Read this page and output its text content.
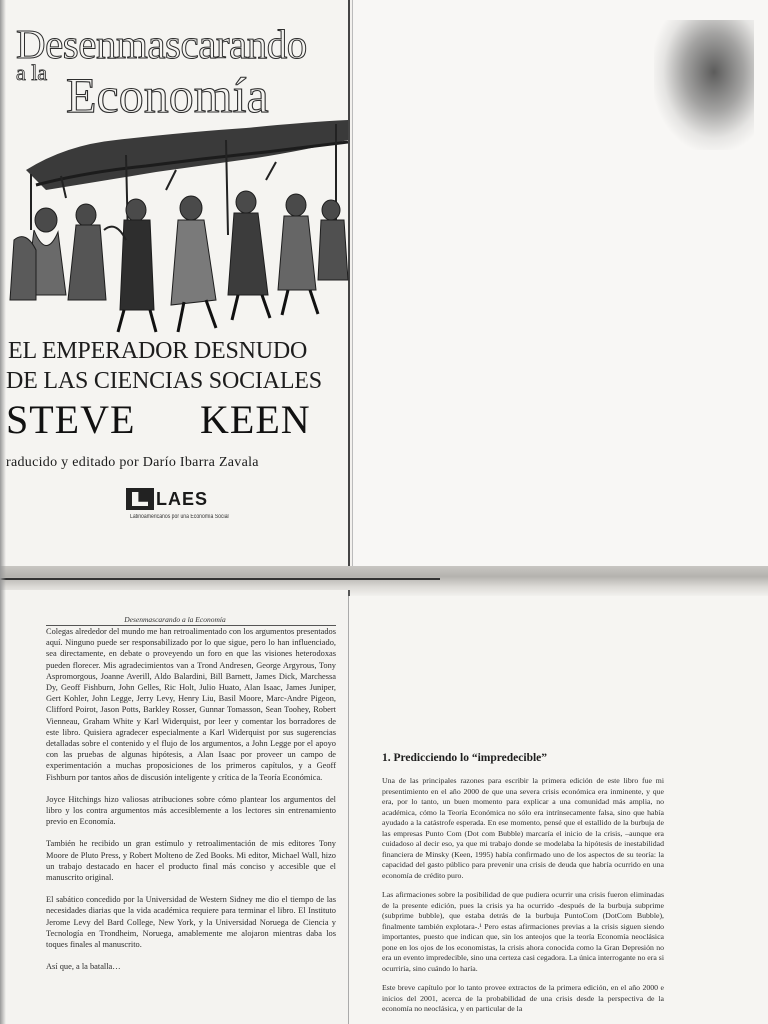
Desenmascarando
a la Economía
EL EMPERADOR DESNUDO
DE LAS CIENCIAS SOCIALES
STEVE KEEN
raducido y editado por Darío Ibarra Zavala
LAES
Latinoamericanos por una Economía Social
Desenmascarando a la Economía

Colegas alrededor del mundo me han retroalimentado con los argumentos presentados aquí. Ninguno puede ser responsabilizado por lo que sigue, pero lo han influenciado, sea directamente, en debate o proveyendo un foro en que las visiones heterodoxas pueden florecer. Mis agradecimientos van a Trond Andresen, George Argyrous, Tony Aspromorgous, Joanne Averill, Aldo Balardini, Bill Barnett, James Dick, Marchessa Dy, Geoff Fishburn, John Gelles, Ric Holt, Julio Huato, Alan Isaac, James Juniper, Gert Kohler, John Legge, Jerry Levy, Henry Liu, Basil Moore, Marc-Andre Pigeon, Clifford Poirot, Jason Potts, Barkley Rosser, Gunnar Tomasson, Sean Toohey, Robert Vienneau, Graham White y Karl Widerquist, por leer y comentar los borradores de este libro. Quisiera agradecer especialmente a Karl Widerquist por sus sugerencias detalladas sobre el contenido y el flujo de los argumentos, a John Legge por el apoyo con las pruebas de algunas hipótesis, a Alan Isaac por proveer un campo de experimentación a muchas proposiciones de los primeros capítulos, y a Geoff Fishburn por tantos años de discusión inteligente y crítica de la Teoría Económica.

Joyce Hitchings hizo valiosas atribuciones sobre cómo plantear los argumentos del libro y los contra argumentos más accesiblemente a los lectores sin entrenamiento previo en Economía.

También he recibido un gran estímulo y retroalimentación de mis editores Tony Moore de Pluto Press, y Robert Molteno de Zed Books. Mi editor, Michael Wall, hizo un trabajo destacado en hacer el producto final más conciso y accesible que el manuscrito original.

El sabático concedido por la Universidad de Western Sidney me dio el tiempo de las necesidades diarias que la vida académica requiere para terminar el libro. El Instituto Jerome Levy del Bard College, New York, y la Universidad Noruega de Ciencia y Tecnología en Trondheim, Noruega, amablemente me alojaron mientras daba los toques finales al manuscrito.

Así que, a la batalla…

1. Predicciendo lo “impredecible”

Una de las principales razones para escribir la primera edición de este libro fue mi presentimiento en el año 2000 de que una severa crisis económica era inminente, y que era, por lo tanto, un buen momento para explicar a una comunidad más amplia, no académica, cómo la Teoría Económica no sólo era intrínsecamente falsa, sino que había ayudado a la catástrofe esperada. En ese momento, pensé que el estallido de la burbuja de las empresas Punto Com (Dot com Bubble) marcaría el inicio de la crisis, –aunque era cuidadoso al decir eso, ya que mi trabajo donde se modelaba la hipótesis de inestabilidad financiera de Minsky (Keen, 1995) había confirmado uno de los aspectos de su teoría: la capacidad del gasto público para prevenir una crisis de deuda que habría ocurrido en una economía de crédito puro.

Las afirmaciones sobre la posibilidad de que pudiera ocurrir una crisis fueron eliminadas de la presente edición, pues la crisis ya ha ocurrido -después de la burbuja subprime (subprime bubble), que estaba detrás de la burbuja PuntoCom (DotCom Bubble), finalmente también explotara-.¹ Pero estas afirmaciones previas a la crisis siguen siendo importantes, puesto que indican que, sin los anteojos que la teoría Economía neoclásica pone en los ojos de los economistas, la crisis ahora conocida como la Gran Depresión no era un evento impredecible, sino una certeza casi cegadora. La única interrogante no era si ocurriría, sino cuándo lo haría.

Este breve capítulo por lo tanto provee extractos de la primera edición, en el año 2000 e inicios del 2001, acerca de la probabilidad de una crisis desde la perspectiva de la economía no neoclásica, y en particular de la
